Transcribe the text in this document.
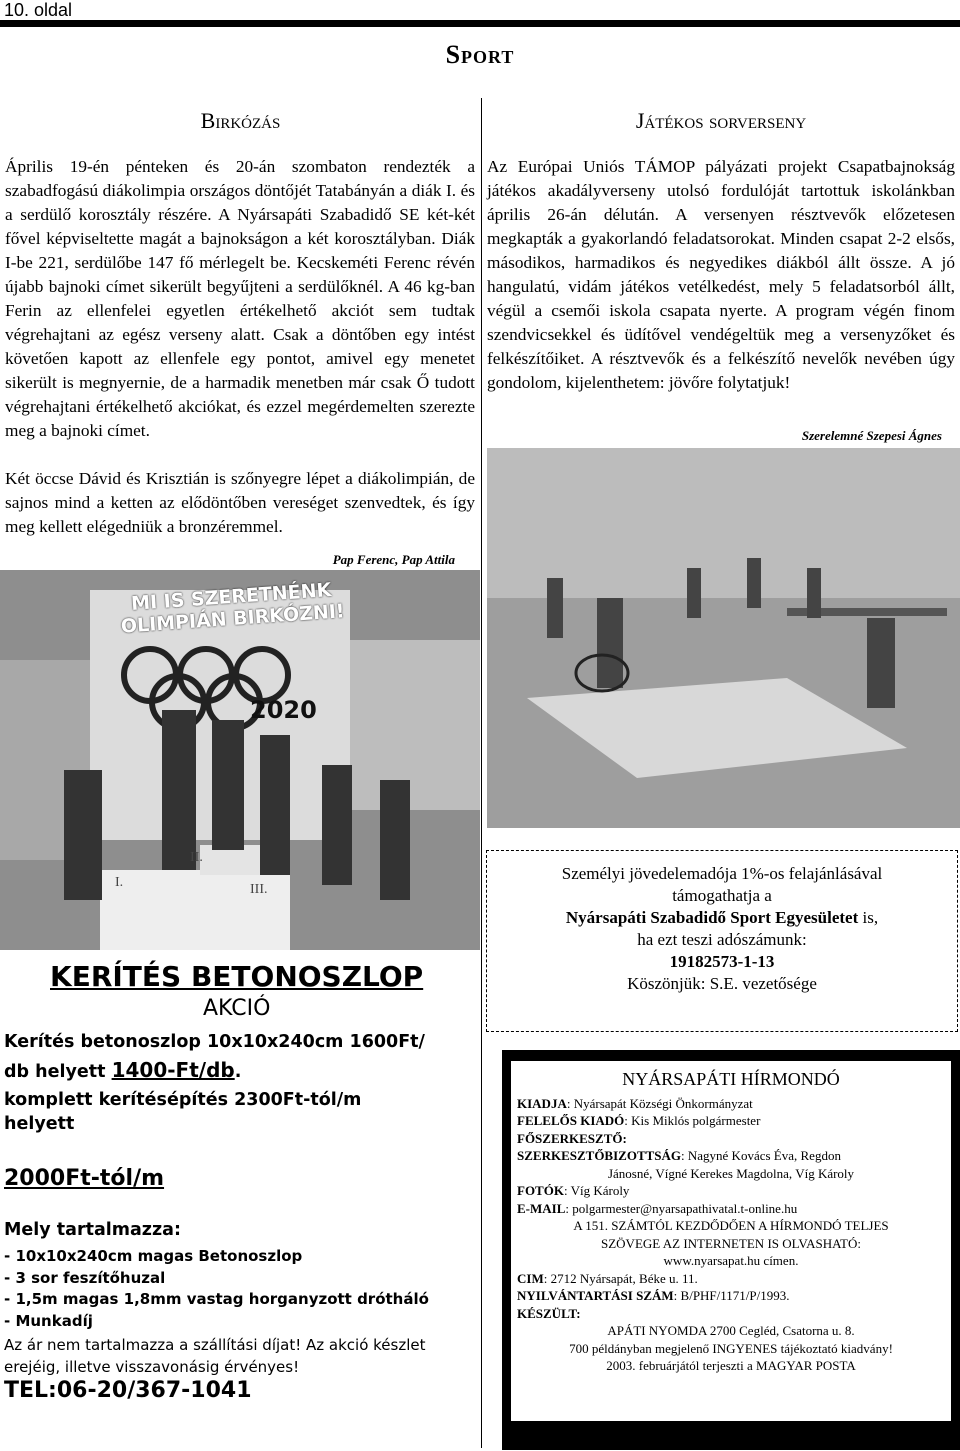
10. oldal
Sport
Birkózás
Április 19-én pénteken és 20-án szombaton rendezték a szabadfogású diákolimpia országos döntőjét Tatabányán a diák I. és a serdülő korosztály részére. A Nyársapáti Szabadidő SE két-két fővel képviseltette magát a bajnokságon a két korosztályban. Diák I-be 221, serdülőbe 147 fő mérlegelt be. Kecskeméti Ferenc révén újabb bajnoki címet sikerült begyűjteni a serdülőknél. A 46 kg-ban Ferin az ellenfelei egyetlen értékelhető akciót sem tudtak végrehajtani az egész verseny alatt. Csak a döntőben egy intést követően kapott az ellenfele egy pontot, amivel egy menetet sikerült is megnyernie, de a harmadik menetben már csak Ő tudott végrehajtani értékelhető akciókat, és ezzel megérdemelten szerezte meg a bajnoki címet.
Két öccse Dávid és Krisztián is szőnyegre lépet a diákolimpián, de sajnos mind a ketten az elődöntőben vereséget szenvedtek, és így meg kellett elégedniük a bronzéremmel.
Pap Ferenc, Pap Attila
MI IS SZERETNÉNK OLIMPIÁN BIRKÓZNI!
2020
I.
II.
III.
Játékos sorverseny
Az Európai Uniós TÁMOP pályázati projekt Csapatbajnokság játékos akadályverseny utolsó fordulóját tartottuk iskolánkban április 26-án délután. A versenyen résztvevők előzetesen megkapták a gyakorlandó feladatsorokat. Minden csapat 2-2 elsős, másodikos, harmadikos és negyedikes diákból állt össze. A jó hangulatú, vidám játékos vetélkedést, mely 5 feladatsorból állt, végül a csemői iskola csapata nyerte. A program végén finom szendvicsekkel és üdítővel vendégeltük meg a versenyzőket és felkészítőiket. A résztvevők és a felkészítő nevelők nevében úgy gondolom, kijelenthetem: jövőre folytatjuk!
Szerelemné Szepesi Ágnes
Személyi jövedelemadója 1%-os felajánlásával
támogathatja a
Nyársapáti Szabadidő Sport Egyesületet is,
ha ezt teszi adószámunk:
19182573-1-13
Köszönjük: S.E. vezetősége
KERÍTÉS BETONOSZLOP
AKCIÓ
Kerítés betonoszlop 10x10x240cm 1600Ft/
db helyett 1400-Ft/db.
komplett kerítésépítés 2300Ft-tól/m
helyett
2000Ft-tól/m
Mely tartalmazza:
- 10x10x240cm magas Betonoszlop
- 3 sor feszítőhuzal
- 1,5m magas 1,8mm vastag horganyzott drótháló
- Munkadíj
Az ár nem tartalmazza a szállítási díjat! Az akció készlet
erejéig, illetve visszavonásig érvényes!
TEL:06-20/367-1041
NYÁRSAPÁTI HÍRMONDÓ
KIADJA: Nyársapát Községi Önkormányzat
FELELŐS KIADÓ: Kis Miklós polgármester
FŐSZERKESZTŐ:
SZERKESZTŐBIZOTTSÁG: Nagyné Kovács Éva, Regdon
Jánosné, Vígné Kerekes Magdolna, Víg Károly
FOTÓK: Víg Károly
E-MAIL: polgarmester@nyarsapathivatal.t-online.hu
A 151. SZÁMTÓL KEZDŐDŐEN A HÍRMONDÓ TELJES
SZÖVEGE AZ INTERNETEN IS OLVASHATÓ:
www.nyarsapat.hu címen.
CIM: 2712 Nyársapát, Béke u. 11.
NYILVÁNTARTÁSI SZÁM: B/PHF/1171/P/1993.
KÉSZÜLT:
APÁTI NYOMDA 2700 Cegléd, Csatorna u. 8.
700 példányban megjelenő INGYENES tájékoztató kiadvány!
2003. februárjától terjeszti a MAGYAR POSTA
